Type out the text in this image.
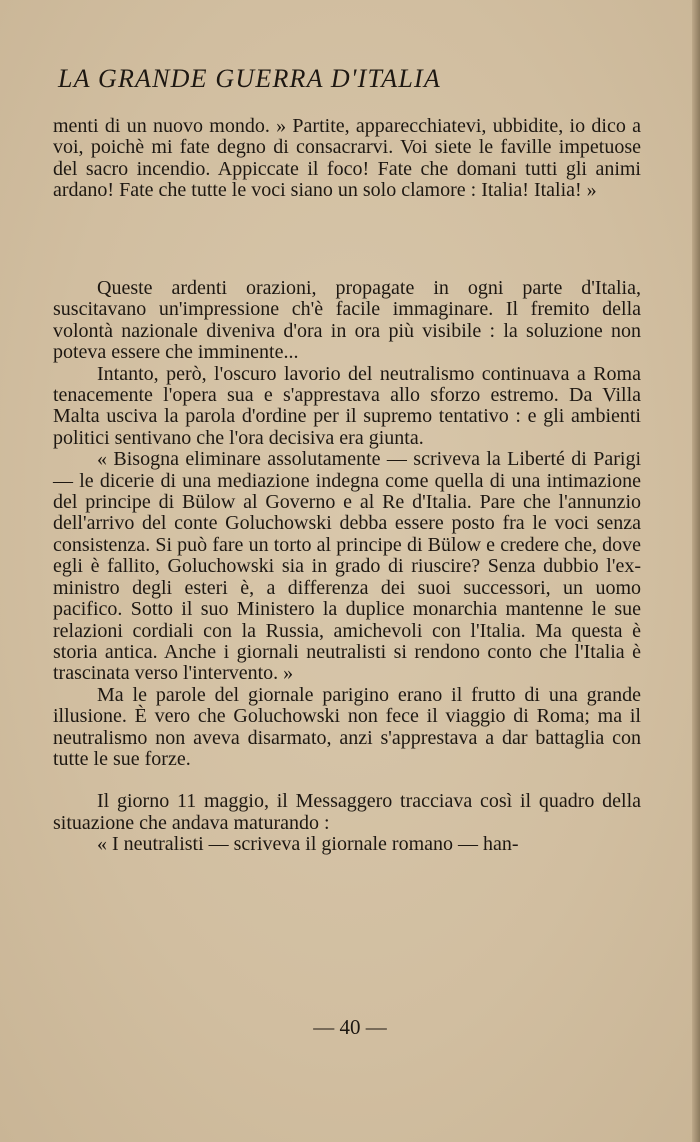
LA GRANDE GUERRA D'ITALIA

menti di un nuovo mondo. » Partite, apparecchiatevi, ubbidite, io dico a voi, poichè mi fate degno di consacrarvi. Voi siete le faville impetuose del sacro incendio. Appiccate il foco! Fate che domani tutti gli animi ardano! Fate che tutte le voci siano un solo clamore : Italia! Italia! »

Queste ardenti orazioni, propagate in ogni parte d'Italia, suscitavano un'impressione ch'è facile immaginare. Il fremito della volontà nazionale diveniva d'ora in ora più visibile : la soluzione non poteva essere che imminente...

Intanto, però, l'oscuro lavorio del neutralismo continuava a Roma tenacemente l'opera sua e s'apprestava allo sforzo estremo. Da Villa Malta usciva la parola d'ordine per il supremo tentativo : e gli ambienti politici sentivano che l'ora decisiva era giunta.

« Bisogna eliminare assolutamente — scriveva la Liberté di Parigi — le dicerie di una mediazione indegna come quella di una intimazione del principe di Bülow al Governo e al Re d'Italia. Pare che l'annunzio dell'arrivo del conte Goluchowski debba essere posto fra le voci senza consistenza. Si può fare un torto al principe di Bülow e credere che, dove egli è fallito, Goluchowski sia in grado di riuscire? Senza dubbio l'ex-ministro degli esteri è, a differenza dei suoi successori, un uomo pacifico. Sotto il suo Ministero la duplice monarchia mantenne le sue relazioni cordiali con la Russia, amichevoli con l'Italia. Ma questa è storia antica. Anche i giornali neutralisti si rendono conto che l'Italia è trascinata verso l'intervento. »

Ma le parole del giornale parigino erano il frutto di una grande illusione. È vero che Goluchowski non fece il viaggio di Roma; ma il neutralismo non aveva disarmato, anzi s'apprestava a dar battaglia con tutte le sue forze.

Il giorno 11 maggio, il Messaggero tracciava così il quadro della situazione che andava maturando :

« I neutralisti — scriveva il giornale romano — han-

— 40 —
